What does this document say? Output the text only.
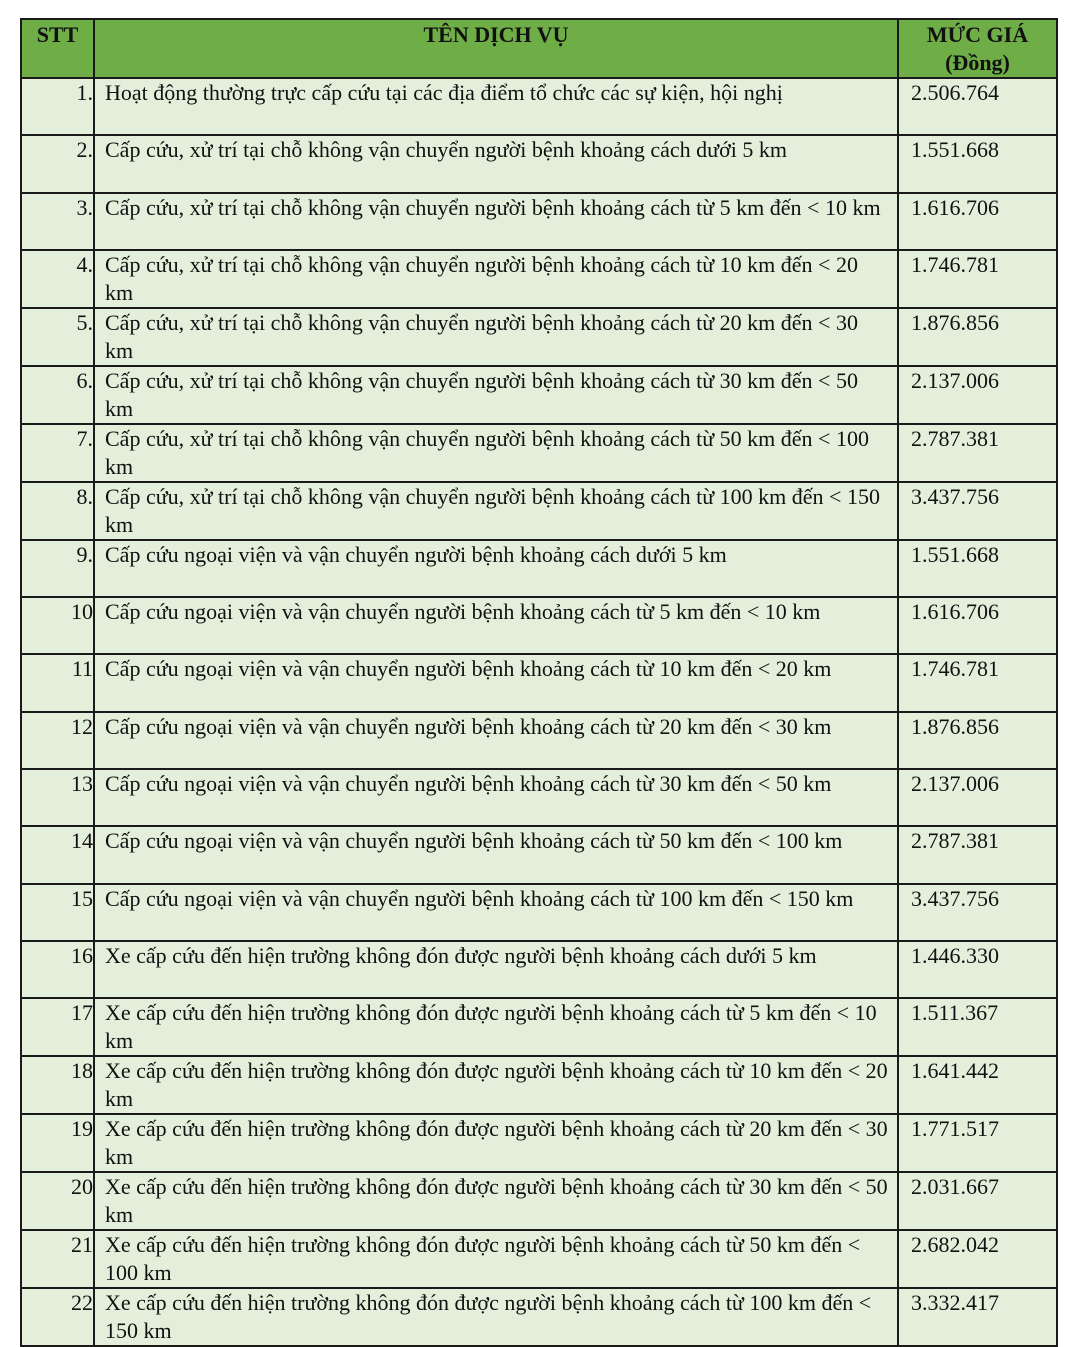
STT	TÊN DỊCH VỤ	MỨC GIÁ
(Đồng)

1.	Hoạt động thường trực cấp cứu tại các địa điểm tổ chức các sự kiện, hội nghị	2.506.764
2.	Cấp cứu, xử trí tại chỗ không vận chuyển người bệnh khoảng cách dưới 5 km	1.551.668
3.	Cấp cứu, xử trí tại chỗ không vận chuyển người bệnh khoảng cách từ 5 km đến < 10 km	1.616.706
4.	Cấp cứu, xử trí tại chỗ không vận chuyển người bệnh khoảng cách từ 10 km đến < 20 km	1.746.781
5.	Cấp cứu, xử trí tại chỗ không vận chuyển người bệnh khoảng cách từ 20 km đến < 30 km	1.876.856
6.	Cấp cứu, xử trí tại chỗ không vận chuyển người bệnh khoảng cách từ 30 km đến < 50 km	2.137.006
7.	Cấp cứu, xử trí tại chỗ không vận chuyển người bệnh khoảng cách từ 50 km đến < 100 km	2.787.381
8.	Cấp cứu, xử trí tại chỗ không vận chuyển người bệnh khoảng cách từ 100 km đến < 150 km	3.437.756
9.	Cấp cứu ngoại viện và vận chuyển người bệnh khoảng cách dưới 5 km	1.551.668
10	Cấp cứu ngoại viện và vận chuyển người bệnh khoảng cách từ 5 km đến < 10 km	1.616.706
11	Cấp cứu ngoại viện và vận chuyển người bệnh khoảng cách từ 10 km đến < 20 km	1.746.781
12	Cấp cứu ngoại viện và vận chuyển người bệnh khoảng cách từ 20 km đến < 30 km	1.876.856
13	Cấp cứu ngoại viện và vận chuyển người bệnh khoảng cách từ 30 km đến < 50 km	2.137.006
14	Cấp cứu ngoại viện và vận chuyển người bệnh khoảng cách từ 50 km đến < 100 km	2.787.381
15	Cấp cứu ngoại viện và vận chuyển người bệnh khoảng cách từ 100 km đến < 150 km	3.437.756
16	Xe cấp cứu đến hiện trường không đón được người bệnh khoảng cách dưới 5 km	1.446.330
17	Xe cấp cứu đến hiện trường không đón được người bệnh khoảng cách từ 5 km đến < 10 km	1.511.367
18	Xe cấp cứu đến hiện trường không đón được người bệnh khoảng cách từ 10 km đến < 20 km	1.641.442
19	Xe cấp cứu đến hiện trường không đón được người bệnh khoảng cách từ 20 km đến < 30 km	1.771.517
20	Xe cấp cứu đến hiện trường không đón được người bệnh khoảng cách từ 30 km đến < 50 km	2.031.667
21	Xe cấp cứu đến hiện trường không đón được người bệnh khoảng cách từ 50 km đến < 100 km	2.682.042
22	Xe cấp cứu đến hiện trường không đón được người bệnh khoảng cách từ 100 km đến < 150 km	3.332.417
